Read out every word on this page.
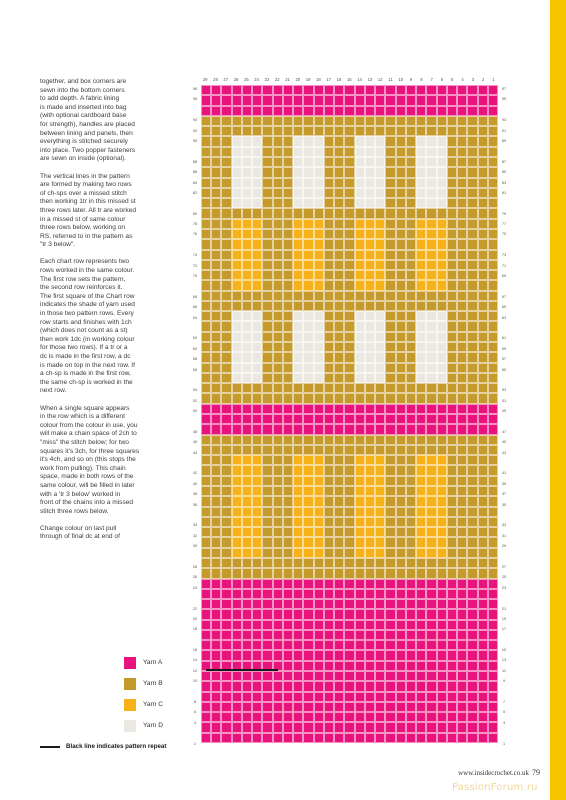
together, and box corners are
sewn into the bottom corners
to add depth. A fabric lining
is made and inserted into bag
(with optional cardboard base
for strength), handles are placed
between lining and panels, then
everything is stitched securely
into place. Two popper fasteners
are sewn on inside (optional).

The vertical lines in the pattern
are formed by making two rows
of ch-sps over a missed stitch
then working 1tr in this missed st
three rows later. All tr are worked
in a missed st of same colour
three rows below, working on
RS, referred to in the pattern as
"tr 3 below".

Each chart row represents two
rows worked in the same colour.
The first row sets the pattern,
the second row reinforces it.
The first square of the Chart row
indicates the shade of yarn used
in those two pattern rows. Every
row starts and finishes with 1ch
(which does not count as a st)
then work 1dc (in working colour
for those two rows). If a tr or a
dc is made in the first row, a dc
is made on top in the next row. If
a ch-sp is made in the first row,
the same ch-sp is worked in the
next row.

When a single square appears
in the row which is a different
colour from the colour in use, you
will make a chain space of 2ch to
"miss" the stitch below; for two
squares it's 3ch, for three squares
it's 4ch, and so on (this stops the
work from pulling). This chain
space, made in both rows of the
same colour, will be filled in later
with a 'tr 3 below' worked in
front of the chains into a missed
stitch three rows below.

Change colour on last pull
through of final dc at end of

29	28	27	26	25	24	23	22	21	20	19	18	17	16	15	14	13	12	11	10	9	8	7	6	5	4	3	2	1
98
96
94
92
90
88
86
84
82
80
78
76
74
72
70
68
66
64
62
60
58
56
54
52
50
48
46
44
42
40
38
36
34
32
30
28
26
24
22
20
18
16
14
12
10
8
6
4
2
97
95
93
91
89
87
85
83
81
79
77
75
73
71
69
67
65
63
61
59
57
55
53
51
49
47
45
43
41
39
37
35
33
31
29
27
25
23
21
19
17
15
13
11
9
7
5
3
1
Yarn A
Yarn B
Yarn C
Yarn D
Black line indicates pattern repeat
www.insidecrochet.co.uk 79
PassionForum.ru
